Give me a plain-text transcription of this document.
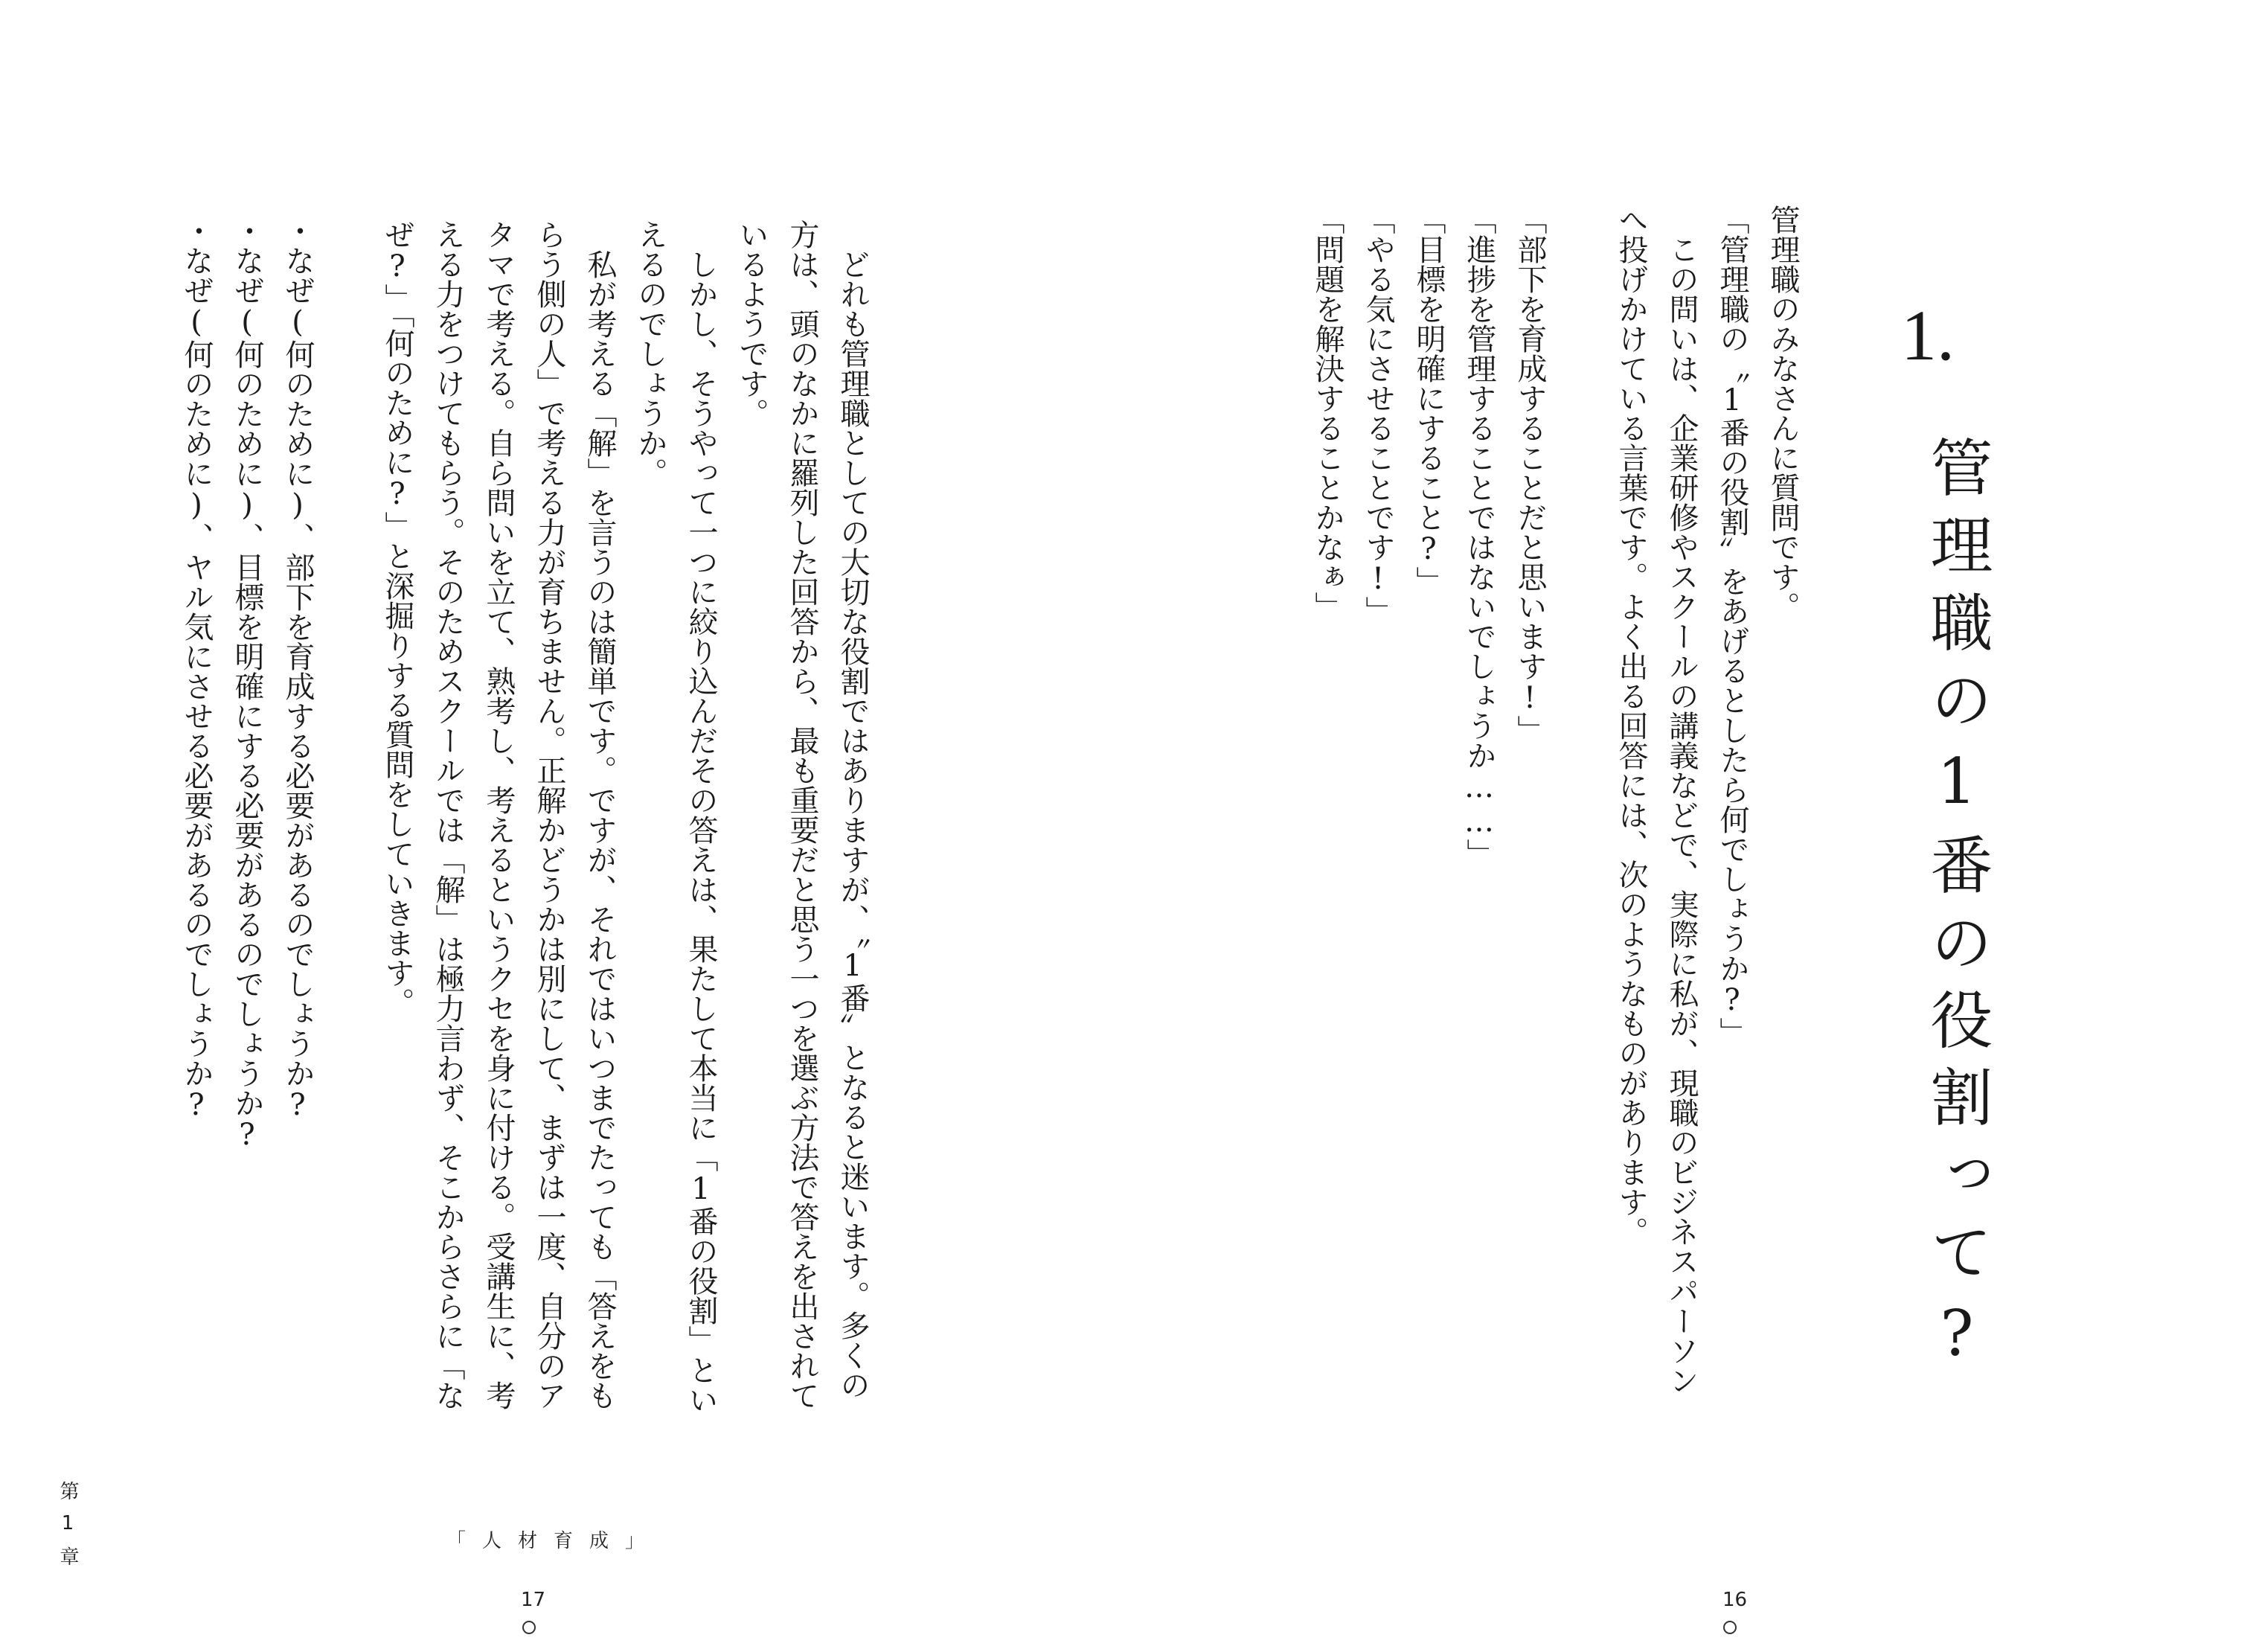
1.
管理職の1番の役割って?
管理職のみなさんに質問です。
「管理職の〝1番の役割〟をあげるとしたら何でしょうか?」
この問いは、企業研修やスクールの講義などで、実際に私が、現職のビジネスパーソン
へ投げかけている言葉です。よく出る回答には、次のようなものがあります。
「部下を育成することだと思います!」
「進捗を管理することではないでしょうか……」
「目標を明確にすること?」
「やる気にさせることです!」
「問題を解決することかなぁ」
どれも管理職としての大切な役割ではありますが、〝1番〟となると迷います。多くの
方は、頭のなかに羅列した回答から、最も重要だと思う一つを選ぶ方法で答えを出されて
いるようです。
しかし、そうやって一つに絞り込んだその答えは、果たして本当に「1番の役割」とい
えるのでしょうか。
私が考える「解」を言うのは簡単です。ですが、それではいつまでたっても「答えをも
らう側の人」で考える力が育ちません。正解かどうかは別にして、まずは一度、自分のア
タマで考える。自ら問いを立て、熟考し、考えるというクセを身に付ける。受講生に、考
える力をつけてもらう。そのためスクールでは「解」は極力言わず、そこからさらに「な
ぜ?」「何のために?」と深掘りする質問をしていきます。
・なぜ(何のために)、部下を育成する必要があるのでしょうか?
・なぜ(何のために)、目標を明確にする必要があるのでしょうか?
・なぜ(何のために)、ヤル気にさせる必要があるのでしょうか?
「人材育成」
17	16
第1章
